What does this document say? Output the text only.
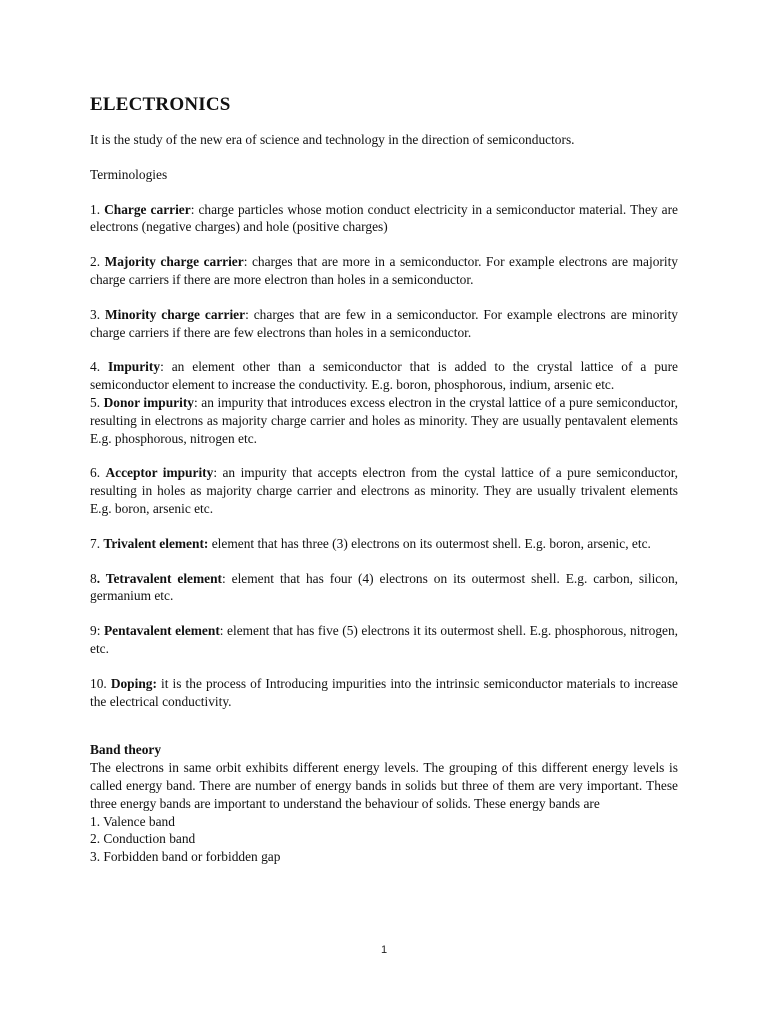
ELECTRONICS

It is the study of the new era of science and technology in the direction of semiconductors.

Terminologies

1. Charge carrier: charge particles whose motion conduct electricity in a semiconductor material. They are electrons (negative charges) and hole (positive charges)

2. Majority charge carrier: charges that are more in a semiconductor. For example electrons are majority charge carriers if there are more electron than holes in a semiconductor.

3. Minority charge carrier: charges that are few in a semiconductor. For example electrons are minority charge carriers if there are few electrons than holes in a semiconductor.

4. Impurity: an element other than a semiconductor that is added to the crystal lattice of a pure semiconductor element to increase the conductivity. E.g. boron, phosphorous, indium, arsenic etc.

5. Donor impurity: an impurity that introduces excess electron in the crystal lattice of a pure semiconductor, resulting in electrons as majority charge carrier and holes as minority. They are usually pentavalent elements E.g. phosphorous, nitrogen etc.

6. Acceptor impurity: an impurity that accepts electron from the cystal lattice of a pure semiconductor, resulting in holes as majority charge carrier and electrons as minority. They are usually trivalent elements E.g. boron, arsenic etc.

7. Trivalent element: element that has three (3) electrons on its outermost shell. E.g. boron, arsenic, etc.

8. Tetravalent element: element that has four (4) electrons on its outermost shell. E.g. carbon, silicon, germanium etc.

9: Pentavalent element: element that has five (5) electrons it its outermost shell. E.g. phosphorous, nitrogen, etc.

10. Doping: it is the process of Introducing impurities into the intrinsic semiconductor materials to increase the electrical conductivity.

Band theory

The electrons in same orbit exhibits different energy levels. The grouping of this different energy levels is called energy band. There are number of energy bands in solids but three of them are very important. These three energy bands are important to understand the behaviour of solids. These energy bands are

1. Valence band
2. Conduction band
3. Forbidden band or forbidden gap
1
